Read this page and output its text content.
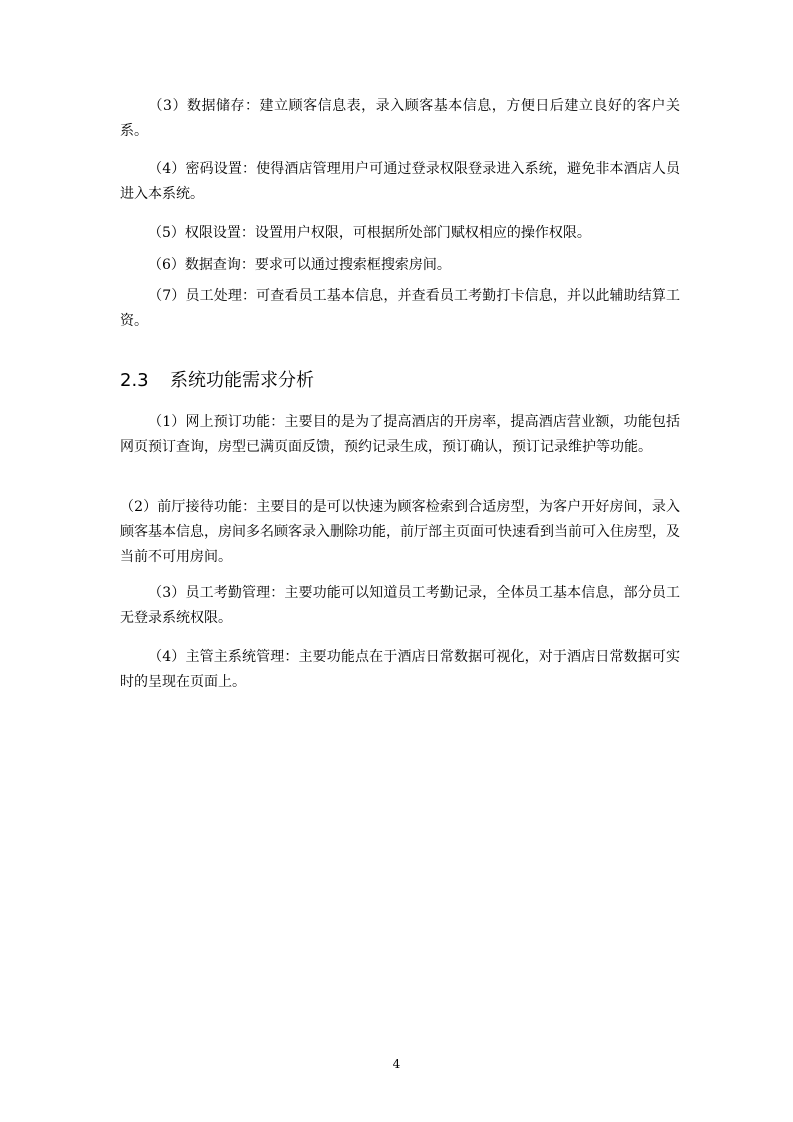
（3）数据储存：建立顾客信息表，录入顾客基本信息，方便日后建立良好的客户关系。

（4）密码设置：使得酒店管理用户可通过登录权限登录进入系统，避免非本酒店人员进入本系统。

（5）权限设置：设置用户权限，可根据所处部门赋权相应的操作权限。

（6）数据查询：要求可以通过搜索框搜索房间。

（7）员工处理：可查看员工基本信息，并查看员工考勤打卡信息，并以此辅助结算工资。

2.3 系统功能需求分析

（1）网上预订功能：主要目的是为了提高酒店的开房率，提高酒店营业额，功能包括网页预订查询，房型已满页面反馈，预约记录生成，预订确认，预订记录维护等功能。

（2）前厅接待功能：主要目的是可以快速为顾客检索到合适房型，为客户开好房间，录入顾客基本信息，房间多名顾客录入删除功能，前厅部主页面可快速看到当前可入住房型，及当前不可用房间。

（3）员工考勤管理：主要功能可以知道员工考勤记录，全体员工基本信息，部分员工无登录系统权限。

（4）主管主系统管理：主要功能点在于酒店日常数据可视化，对于酒店日常数据可实时的呈现在页面上。

4
